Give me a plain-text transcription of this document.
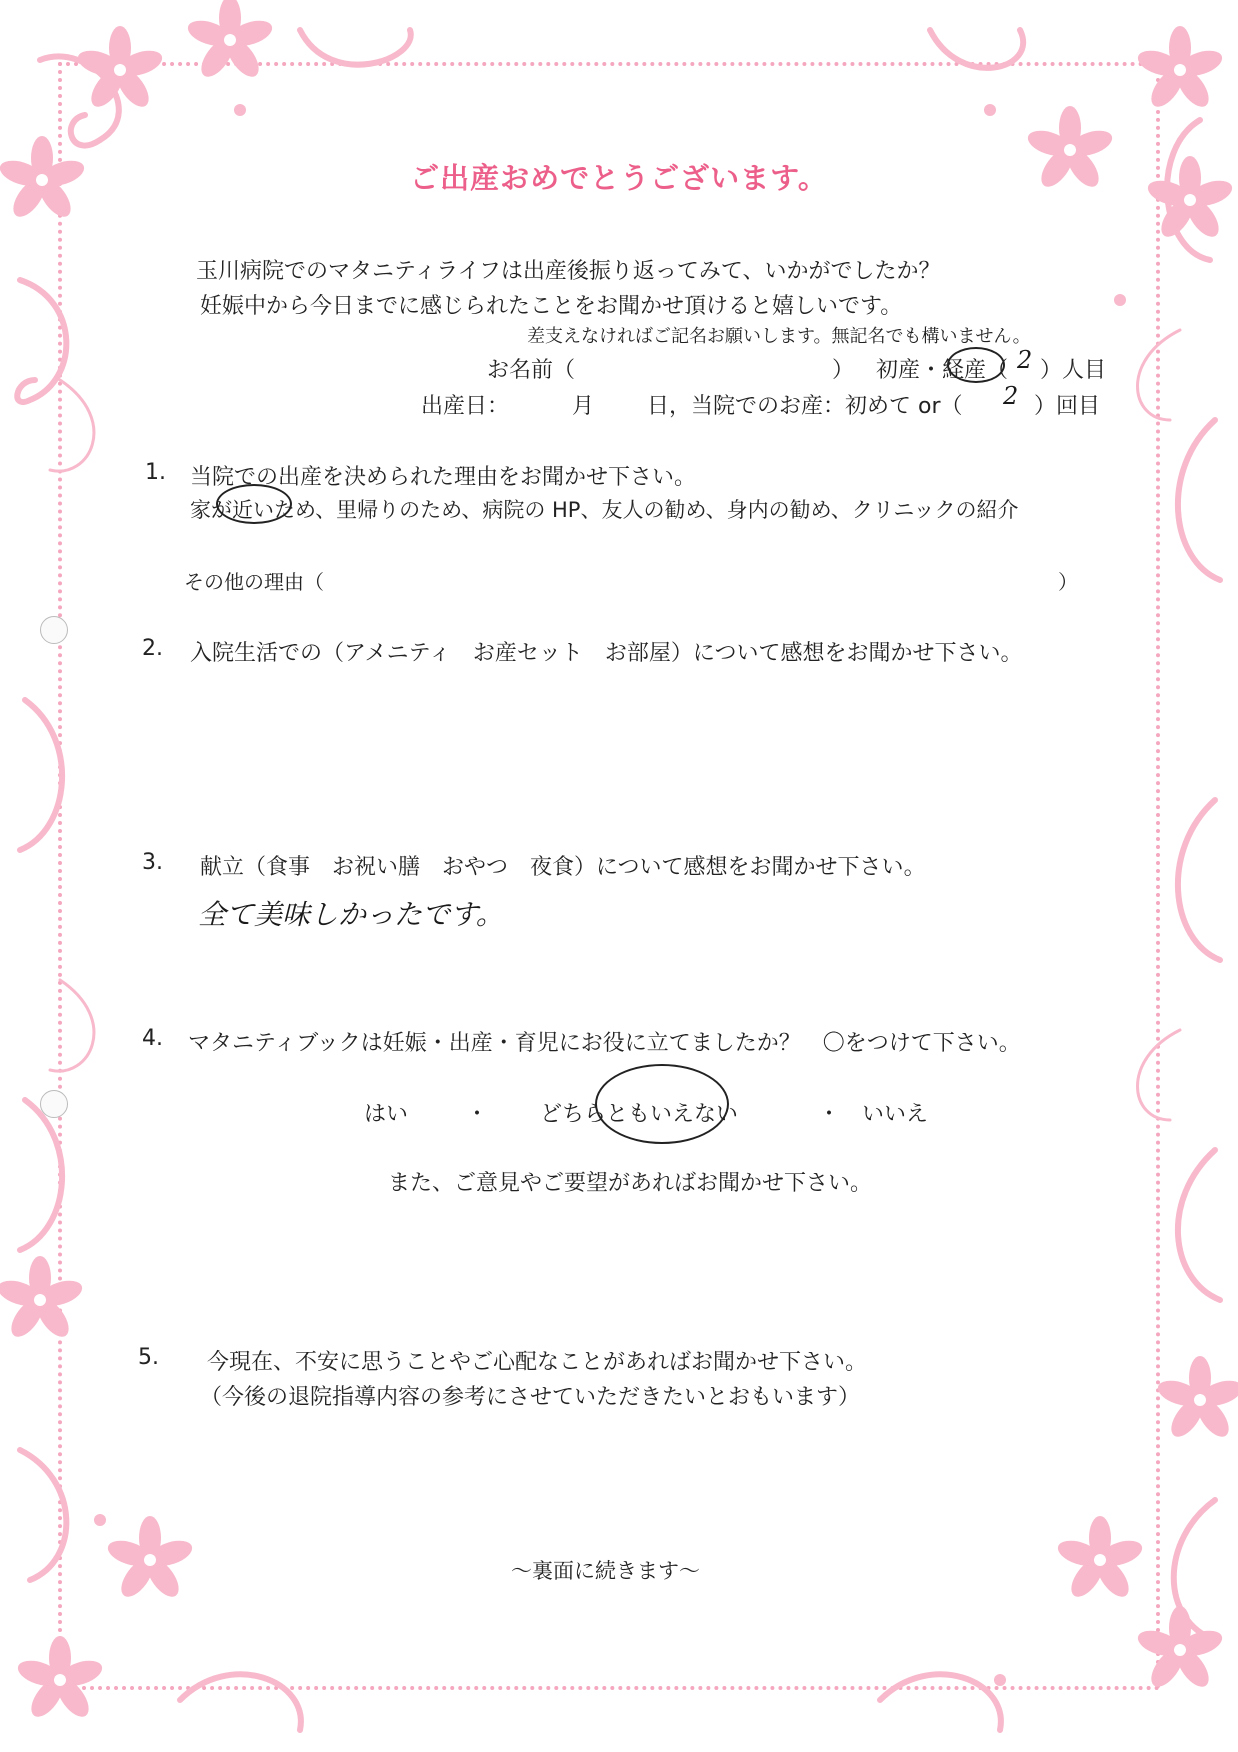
ご出産おめでとうございます。
玉川病院でのマタニティライフは出産後振り返ってみて、いかがでしたか？
妊娠中から今日までに感じられたことをお聞かせ頂けると嬉しいです。
差支えなければご記名お願いします。無記名でも構いません。
お名前（	） 初産・経産（ 2 ）人目
出産日：	月 日，当院でのお産：初めて or（ 2 ）回目
1. 当院での出産を決められた理由をお聞かせ下さい。
家が近いため、里帰りのため、病院の HP、友人の勧め、身内の勧め、クリニックの紹介
その他の理由（	）
2. 入院生活での（アメニティ　お産セット　お部屋）について感想をお聞かせ下さい。
3. 献立（食事　お祝い膳　おやつ　夜食）について感想をお聞かせ下さい。
全て美味しかったです。
4. マタニティブックは妊娠・出産・育児にお役に立てましたか？　〇をつけて下さい。
はい	・ どちらともいえない	・ いいえ
また、ご意見やご要望があればお聞かせ下さい。
5. 今現在、不安に思うことやご心配なことがあればお聞かせ下さい。
（今後の退院指導内容の参考にさせていただきたいとおもいます）
～裏面に続きます～
